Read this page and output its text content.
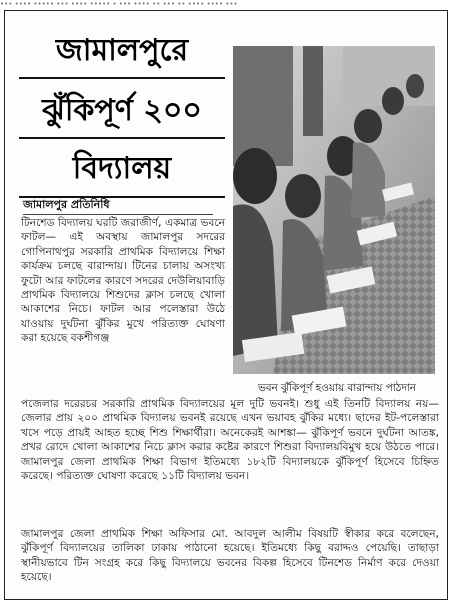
••• •••• ••••• ••• •••• ••••• • ••• •••• •• ••• •• •••• •••• •••
জামালপুরে
ঝুঁকিপূর্ণ ২০০
বিদ্যালয়
জামালপুর প্রতিনিধি
টিনশেড বিদ্যালয় ঘরটি জরাজীর্ণ, একমাত্র ভবনে ফাটল— এই অবস্থায় জামালপুর সদরের গোপিনাথপুর সরকারি প্রাথমিক বিদ্যালয়ে শিক্ষা কার্যক্রম চলছে বারান্দায়। টিনের চালায় অসংখ্য ফুটো আর ফাটলের কারণে সদরের দেউলিয়াবাড়ি প্রাথমিক বিদ্যালয়ে শিশুদের ক্লাস চলছে খোলা আকাশের নিচে। ফাটল আর পলেস্তারা উঠে যাওয়ায় দুর্ঘটনা ঝুঁকির মুখে পরিত্যক্ত ঘোষণা করা হয়েছে বকশীগঞ্জ
ভবন ঝুঁকিপূর্ণ হওয়ায় বারান্দায় পাঠদান
পজেলার দরেরচর সরকারি প্রাথমিক বিদ্যালয়ের মূল দুটি ভবনই। শুধু এই তিনটি বিদ্যালয় নয়— জেলার প্রায় ২০০ প্রাথমিক বিদ্যালয় ভবনই রয়েছে এখন ভয়াবহ ঝুঁকির মধ্যে। ছাদের ইট-পলেস্তারা খসে পড়ে প্রায়ই আহত হচ্ছে শিশু শিক্ষার্থীরা। অনেকেরই আশঙ্কা— ঝুঁকিপূর্ণ ভবনে দুর্ঘটনা আতঙ্ক, প্রখর রোদে খোলা আকাশের নিচে ক্লাস করার কষ্টের কারণে শিশুরা বিদ্যালয়বিমুখ হয়ে উঠতে পারে। জামালপুর জেলা প্রাথমিক শিক্ষা বিভাগ ইতিমধ্যে ১৮২টি বিদ্যালয়কে ঝুঁকিপূর্ণ হিসেবে চিহ্নিত করেছে। পরিত্যক্ত ঘোষণা করেছে ১১টি বিদ্যালয় ভবন।
জামালপুর জেলা প্রাথমিক শিক্ষা অফিসার মো. আবদুল আলীম বিষয়টি স্বীকার করে বলেছেন, ঝুঁকিপূর্ণ বিদ্যালয়ের তালিকা ঢাকায় পাঠানো হয়েছে। ইতিমধ্যে কিছু বরাদ্দও পেয়েছি। তাছাড়া স্থানীয়ভাবে টিন সংগ্রহ করে কিছু বিদ্যালয়ে ভবনের বিকল্প হিসেবে টিনশেড নির্মাণ করে দেওয়া হয়েছে।
